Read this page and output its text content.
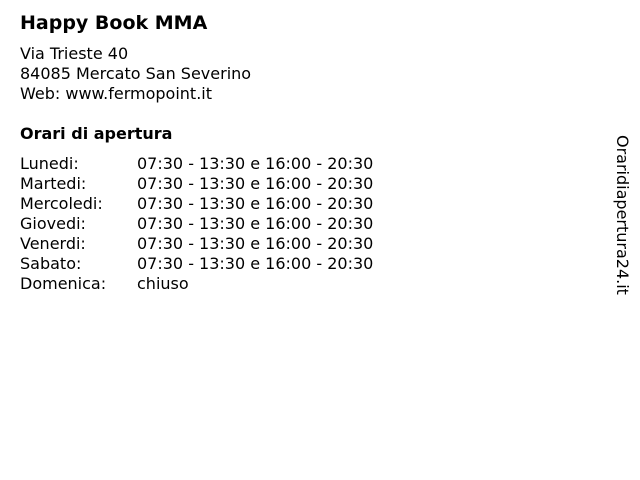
Happy Book MMA
Via Trieste 40
84085 Mercato San Severino
Web: www.fermopoint.it
Orari di apertura
Lunedi:	07:30 - 13:30 e 16:00 - 20:30
Martedi:	07:30 - 13:30 e 16:00 - 20:30
Mercoledi:	07:30 - 13:30 e 16:00 - 20:30
Giovedi:	07:30 - 13:30 e 16:00 - 20:30
Venerdi:	07:30 - 13:30 e 16:00 - 20:30
Sabato:	07:30 - 13:30 e 16:00 - 20:30
Domenica:	chiuso	Oraridiapertura24.it
